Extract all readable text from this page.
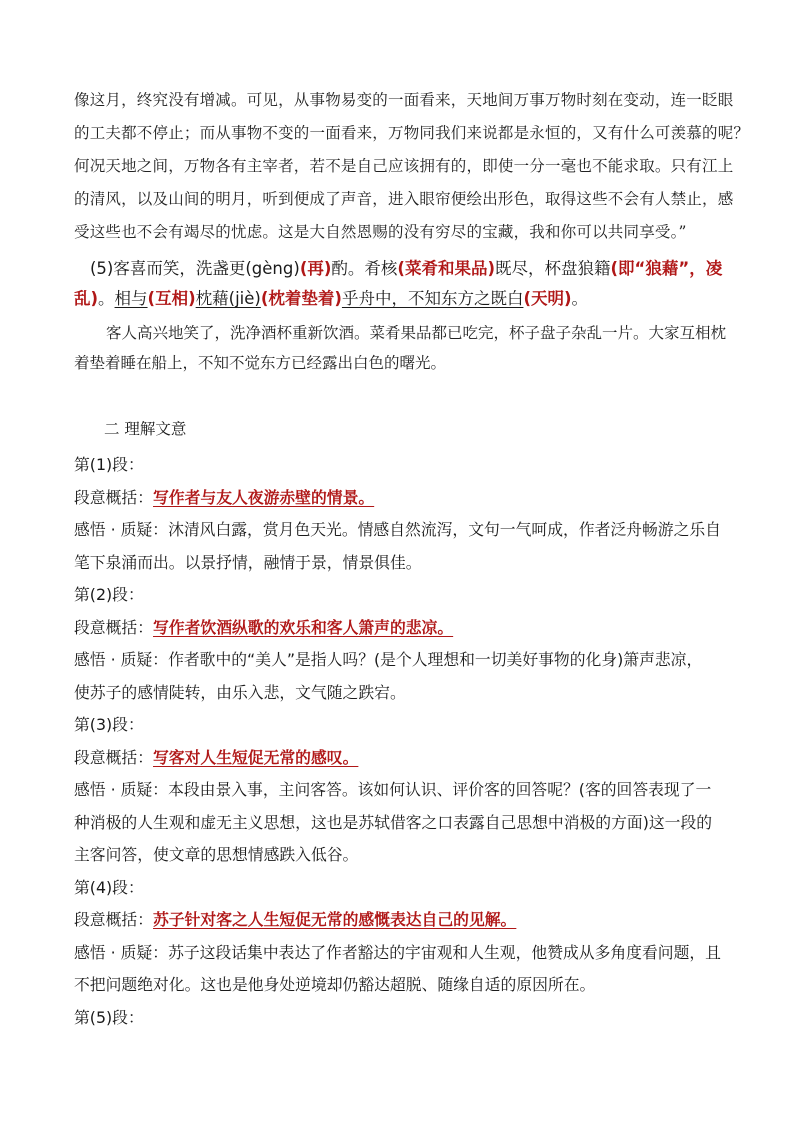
像这月，终究没有增减。可见，从事物易变的一面看来，天地间万事万物时刻在变动，连一眨眼
的工夫都不停止；而从事物不变的一面看来，万物同我们来说都是永恒的，又有什么可羡慕的呢？
何况天地之间，万物各有主宰者，若不是自己应该拥有的，即使一分一毫也不能求取。只有江上
的清风，以及山间的明月，听到便成了声音，进入眼帘便绘出形色，取得这些不会有人禁止，感
受这些也不会有竭尽的忧虑。这是大自然恩赐的没有穷尽的宝藏，我和你可以共同享受。”
(5)客喜而笑，洗盏更(gèng)(再)酌。肴核(菜肴和果品)既尽，杯盘狼籍(即“狼藉”，凌
乱)。相与(互相)枕藉(jiè)(枕着垫着)乎舟中，不知东方之既白(天明)。
客人高兴地笑了，洗净酒杯重新饮酒。菜肴果品都已吃完，杯子盘子杂乱一片。大家互相枕
着垫着睡在船上，不知不觉东方已经露出白色的曙光。
二 理解文意
第(1)段：
段意概括：写作者与友人夜游赤壁的情景。
感悟 · 质疑：沐清风白露，赏月色天光。情感自然流泻，文句一气呵成，作者泛舟畅游之乐自
笔下泉涌而出。以景抒情，融情于景，情景俱佳。
第(2)段：
段意概括：写作者饮酒纵歌的欢乐和客人箫声的悲凉。
感悟 · 质疑：作者歌中的“美人”是指人吗？(是个人理想和一切美好事物的化身)箫声悲凉，
使苏子的感情陡转，由乐入悲，文气随之跌宕。
第(3)段：
段意概括：写客对人生短促无常的感叹。
感悟 · 质疑：本段由景入事，主问客答。该如何认识、评价客的回答呢？(客的回答表现了一
种消极的人生观和虚无主义思想，这也是苏轼借客之口表露自己思想中消极的方面)这一段的
主客问答，使文章的思想情感跌入低谷。
第(4)段：
段意概括：苏子针对客之人生短促无常的感慨表达自己的见解。
感悟 · 质疑：苏子这段话集中表达了作者豁达的宇宙观和人生观，他赞成从多角度看问题，且
不把问题绝对化。这也是他身处逆境却仍豁达超脱、随缘自适的原因所在。
第(5)段：
